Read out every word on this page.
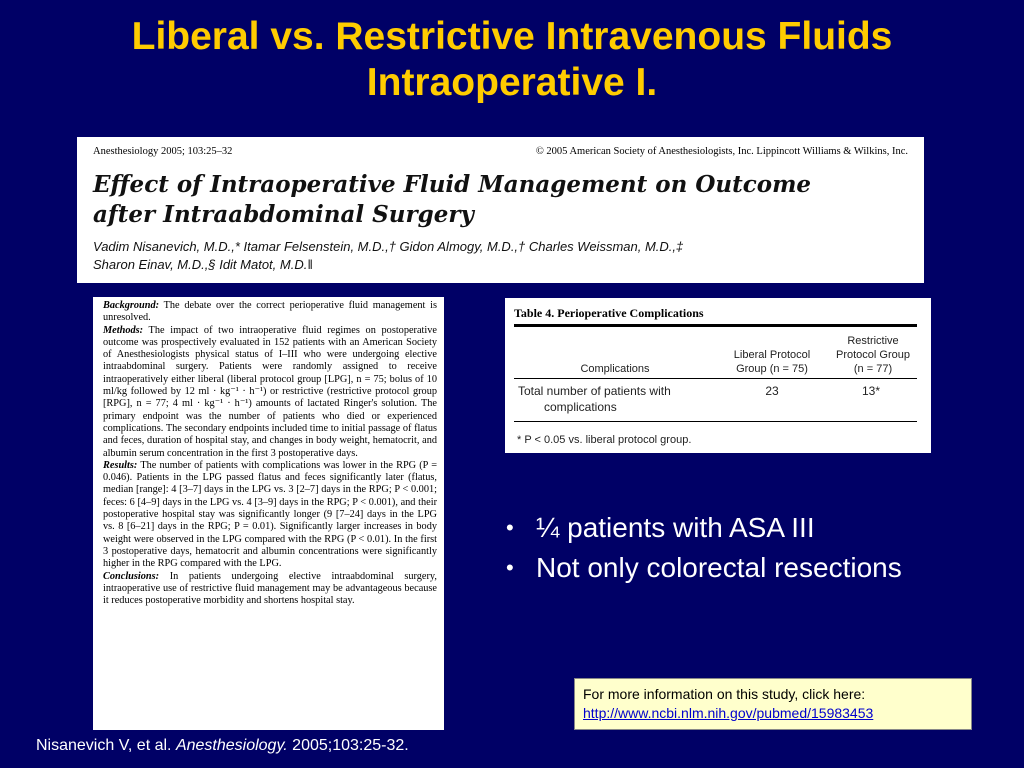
Liberal vs. Restrictive Intravenous Fluids
Intraoperative I.
Anesthesiology 2005; 103:25–32	© 2005 American Society of Anesthesiologists, Inc. Lippincott Williams & Wilkins, Inc.
Effect of Intraoperative Fluid Management on Outcome
after Intraabdominal Surgery
Vadim Nisanevich, M.D.,* Itamar Felsenstein, M.D.,† Gidon Almogy, M.D.,† Charles Weissman, M.D.,‡
Sharon Einav, M.D.,§ Idit Matot, M.D.‖

Background: The debate over the correct perioperative fluid management is unresolved.

Methods: The impact of two intraoperative fluid regimes on postoperative outcome was prospectively evaluated in 152 patients with an American Society of Anesthesiologists physical status of I–III who were undergoing elective intraabdominal surgery. Patients were randomly assigned to receive intraoperatively either liberal (liberal protocol group [LPG], n = 75; bolus of 10 ml/kg followed by 12 ml · kg⁻¹ · h⁻¹) or restrictive (restrictive protocol group [RPG], n = 77; 4 ml · kg⁻¹ · h⁻¹) amounts of lactated Ringer's solution. The primary endpoint was the number of patients who died or experienced complications. The secondary endpoints included time to initial passage of flatus and feces, duration of hospital stay, and changes in body weight, hematocrit, and albumin serum concentration in the first 3 postoperative days.

Results: The number of patients with complications was lower in the RPG (P = 0.046). Patients in the LPG passed flatus and feces significantly later (flatus, median [range]: 4 [3–7] days in the LPG vs. 3 [2–7] days in the RPG; P < 0.001; feces: 6 [4–9] days in the LPG vs. 4 [3–9] days in the RPG; P < 0.001), and their postoperative hospital stay was significantly longer (9 [7–24] days in the LPG vs. 8 [6–21] days in the RPG; P = 0.01). Significantly larger increases in body weight were observed in the LPG compared with the RPG (P < 0.01). In the first 3 postoperative days, hematocrit and albumin concentrations were significantly higher in the RPG compared with the LPG.

Conclusions: In patients undergoing elective intraabdominal surgery, intraoperative use of restrictive fluid management may be advantageous because it reduces postoperative morbidity and shortens hospital stay.

Table 4. Perioperative Complications
Complications
Liberal Protocol
Group (n = 75)
Restrictive
Protocol Group
(n = 77)
Total number of patients with
complications
23	13*
* P < 0.05 vs. liberal protocol group.
• ¼ patients with ASA III
• Not only colorectal resections
For more information on this study, click here:
http://www.ncbi.nlm.nih.gov/pubmed/15983453
Nisanevich V, et al. Anesthesiology. 2005;103:25-32.
